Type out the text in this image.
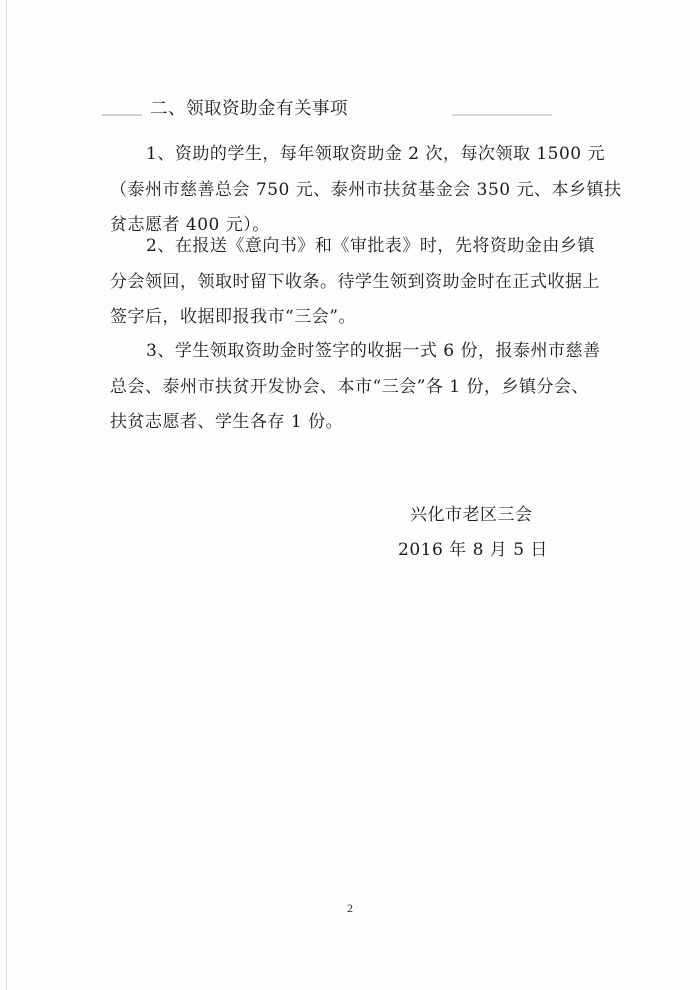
二、领取资助金有关事项
1、资助的学生，每年领取资助金 2 次，每次领取 1500 元
（泰州市慈善总会 750 元、泰州市扶贫基金会 350 元、本乡镇扶
贫志愿者 400 元）。
2、在报送《意向书》和《审批表》时，先将资助金由乡镇
分会领回，领取时留下收条。待学生领到资助金时在正式收据上
签字后，收据即报我市“三会”。
3、学生领取资助金时签字的收据一式 6 份，报泰州市慈善
总会、泰州市扶贫开发协会、本市“三会”各 1 份，乡镇分会、
扶贫志愿者、学生各存 1 份。
兴化市老区三会
2016 年 8 月 5 日
2
